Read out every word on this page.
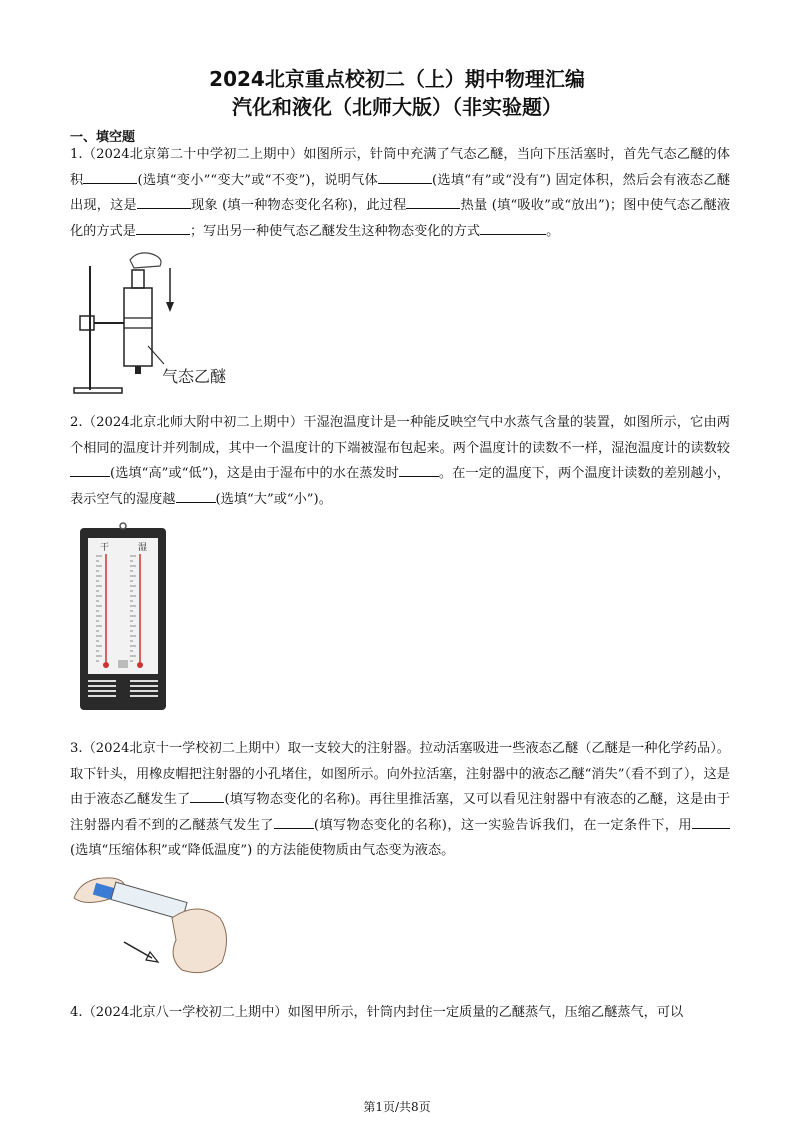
2024北京重点校初二（上）期中物理汇编
汽化和液化（北师大版）（非实验题）
一、填空题

1.（2024北京第二十中学初二上期中）如图所示，针筒中充满了气态乙醚，当向下压活塞时，首先气态乙醚的体积	(选填“变小”“变大”或“不变”)，说明气体	(选填“有”或“没有”) 固定体积，然后会有液态乙醚出现，这是	现象 (填一种物态变化名称)，此过程	热量 (填“吸收”或“放出”)；图中使气态乙醚液化的方式是	；写出另一种使气态乙醚发生这种物态变化的方式	。

气态乙醚

2.（2024北京北师大附中初二上期中）干湿泡温度计是一种能反映空气中水蒸气含量的装置，如图所示，它由两个相同的温度计并列制成，其中一个温度计的下端被湿布包起来。两个温度计的读数不一样，湿泡温度计的读数较(选填“高”或“低”)，这是由于湿布中的水在蒸发时	。在一定的温度下，两个温度计读数的差别越小，表示空气的湿度越	(选填“大”或“小”)。

干	湿

3.（2024北京十一学校初二上期中）取一支较大的注射器。拉动活塞吸进一些液态乙醚（乙醚是一种化学药品）。取下针头，用橡皮帽把注射器的小孔堵住，如图所示。向外拉活塞，注射器中的液态乙醚“消失”（看不到了），这是由于液态乙醚发生了	(填写物态变化的名称)。再往里推活塞，又可以看见注射器中有液态的乙醚，这是由于注射器内看不到的乙醚蒸气发生了	(填写物态变化的名称)，这一实验告诉我们，在一定条件下，用(选填“压缩体积”或“降低温度”) 的方法能使物质由气态变为液态。

4.（2024北京八一学校初二上期中）如图甲所示，针筒内封住一定质量的乙醚蒸气，压缩乙醚蒸气，可以

第1页/共8页
